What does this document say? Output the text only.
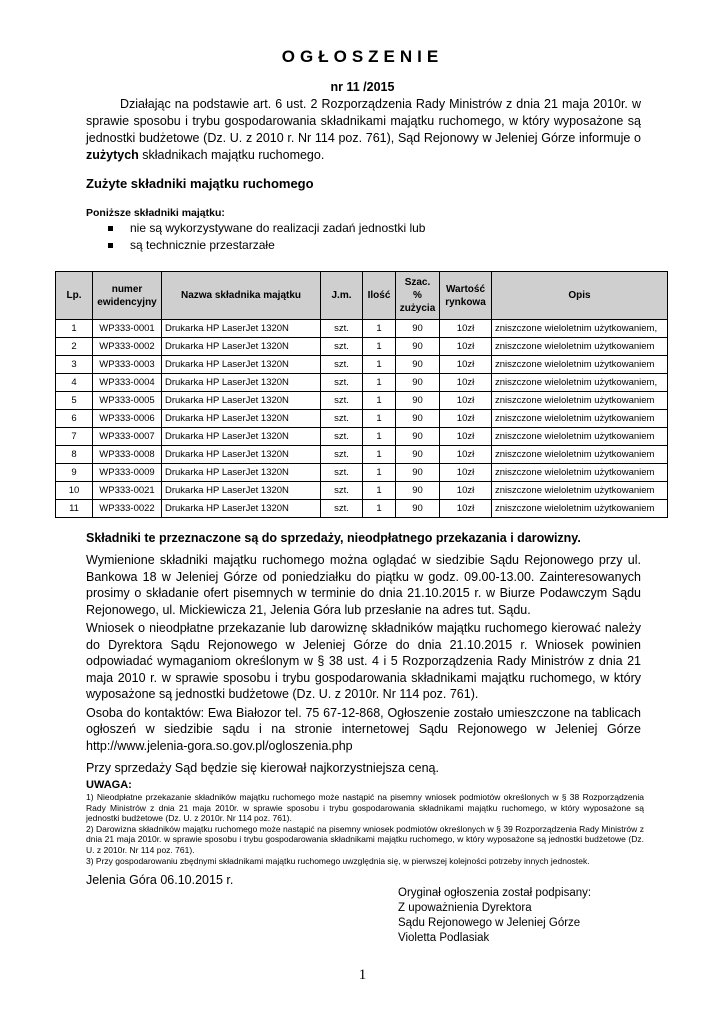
OGŁOSZENIE
nr 11 /2015
Działając na podstawie art. 6 ust. 2 Rozporządzenia Rady Ministrów z dnia 21 maja 2010r. w sprawie sposobu i trybu gospodarowania składnikami majątku ruchomego, w który wyposażone są jednostki budżetowe (Dz. U. z 2010 r. Nr 114 poz. 761), Sąd Rejonowy w Jeleniej Górze informuje o zużytych składnikach majątku ruchomego.
Zużyte składniki majątku ruchomego
Poniższe składniki majątku:
nie są wykorzystywane do realizacji zadań jednostki lub
są technicznie przestarzałe
Lp.	numer ewidencyjny	Nazwa składnika majątku	J.m.	Ilość	Szac. % zużycia	Wartość rynkowa	Opis
1	WP333-0001	Drukarka HP LaserJet 1320N	szt.	1	90	10zł	zniszczone wieloletnim użytkowaniem,
2	WP333-0002	Drukarka HP LaserJet 1320N	szt.	1	90	10zł	zniszczone wieloletnim użytkowaniem
3	WP333-0003	Drukarka HP LaserJet 1320N	szt.	1	90	10zł	zniszczone wieloletnim użytkowaniem
4	WP333-0004	Drukarka HP LaserJet 1320N	szt.	1	90	10zł	zniszczone wieloletnim użytkowaniem,
5	WP333-0005	Drukarka HP LaserJet 1320N	szt.	1	90	10zł	zniszczone wieloletnim użytkowaniem
6	WP333-0006	Drukarka HP LaserJet 1320N	szt.	1	90	10zł	zniszczone wieloletnim użytkowaniem
7	WP333-0007	Drukarka HP LaserJet 1320N	szt.	1	90	10zł	zniszczone wieloletnim użytkowaniem
8	WP333-0008	Drukarka HP LaserJet 1320N	szt.	1	90	10zł	zniszczone wieloletnim użytkowaniem
9	WP333-0009	Drukarka HP LaserJet 1320N	szt.	1	90	10zł	zniszczone wieloletnim użytkowaniem
10	WP333-0021	Drukarka HP LaserJet 1320N	szt.	1	90	10zł	zniszczone wieloletnim użytkowaniem
11	WP333-0022	Drukarka HP LaserJet 1320N	szt.	1	90	10zł	zniszczone wieloletnim użytkowaniem
Składniki te przeznaczone są do sprzedaży, nieodpłatnego przekazania i darowizny.

Wymienione składniki majątku ruchomego można oglądać w siedzibie Sądu Rejonowego przy ul. Bankowa 18 w Jeleniej Górze od poniedziałku do piątku w godz. 09.00-13.00. Zainteresowanych prosimy o składanie ofert pisemnych w terminie do dnia 21.10.2015 r. w Biurze Podawczym Sądu Rejonowego, ul. Mickiewicza 21, Jelenia Góra lub przesłanie na adres tut. Sądu.

Wniosek o nieodpłatne przekazanie lub darowiznę składników majątku ruchomego kierować należy do Dyrektora Sądu Rejonowego w Jeleniej Górze do dnia 21.10.2015 r. Wniosek powinien odpowiadać wymaganiom określonym w § 38 ust. 4 i 5 Rozporządzenia Rady Ministrów z dnia 21 maja 2010 r. w sprawie sposobu i trybu gospodarowania składnikami majątku ruchomego, w który wyposażone są jednostki budżetowe (Dz. U. z 2010r. Nr 114 poz. 761).

Osoba do kontaktów: Ewa Białozor tel. 75 67-12-868, Ogłoszenie zostało umieszczone na tablicach ogłoszeń w siedzibie sądu i na stronie internetowej Sądu Rejonowego w Jeleniej Górze http://www.jelenia-gora.so.gov.pl/ogloszenia.php

Przy sprzedaży Sąd będzie się kierował najkorzystniejsza ceną.

UWAGA:

1) Nieodpłatne przekazanie składników majątku ruchomego może nastąpić na pisemny wniosek podmiotów określonych w § 38 Rozporządzenia Rady Ministrów z dnia 21 maja 2010r. w sprawie sposobu i trybu gospodarowania składnikami majątku ruchomego, w który wyposażone są jednostki budżetowe (Dz. U. z 2010r. Nr 114 poz. 761).

2) Darowizna składników majątku ruchomego może nastąpić na pisemny wniosek podmiotów określonych w § 39 Rozporządzenia Rady Ministrów z dnia 21 maja 2010r. w sprawie sposobu i trybu gospodarowania składnikami majątku ruchomego, w który wyposażone są jednostki budżetowe (Dz. U. z 2010r. Nr 114 poz. 761).

3) Przy gospodarowaniu zbędnymi składnikami majątku ruchomego uwzględnia się, w pierwszej kolejności potrzeby innych jednostek.

Jelenia Góra 06.10.2015 r.
Oryginał ogłoszenia został podpisany:
Z upoważnienia Dyrektora
Sądu Rejonowego w Jeleniej Górze
Violetta Podlasiak
1
